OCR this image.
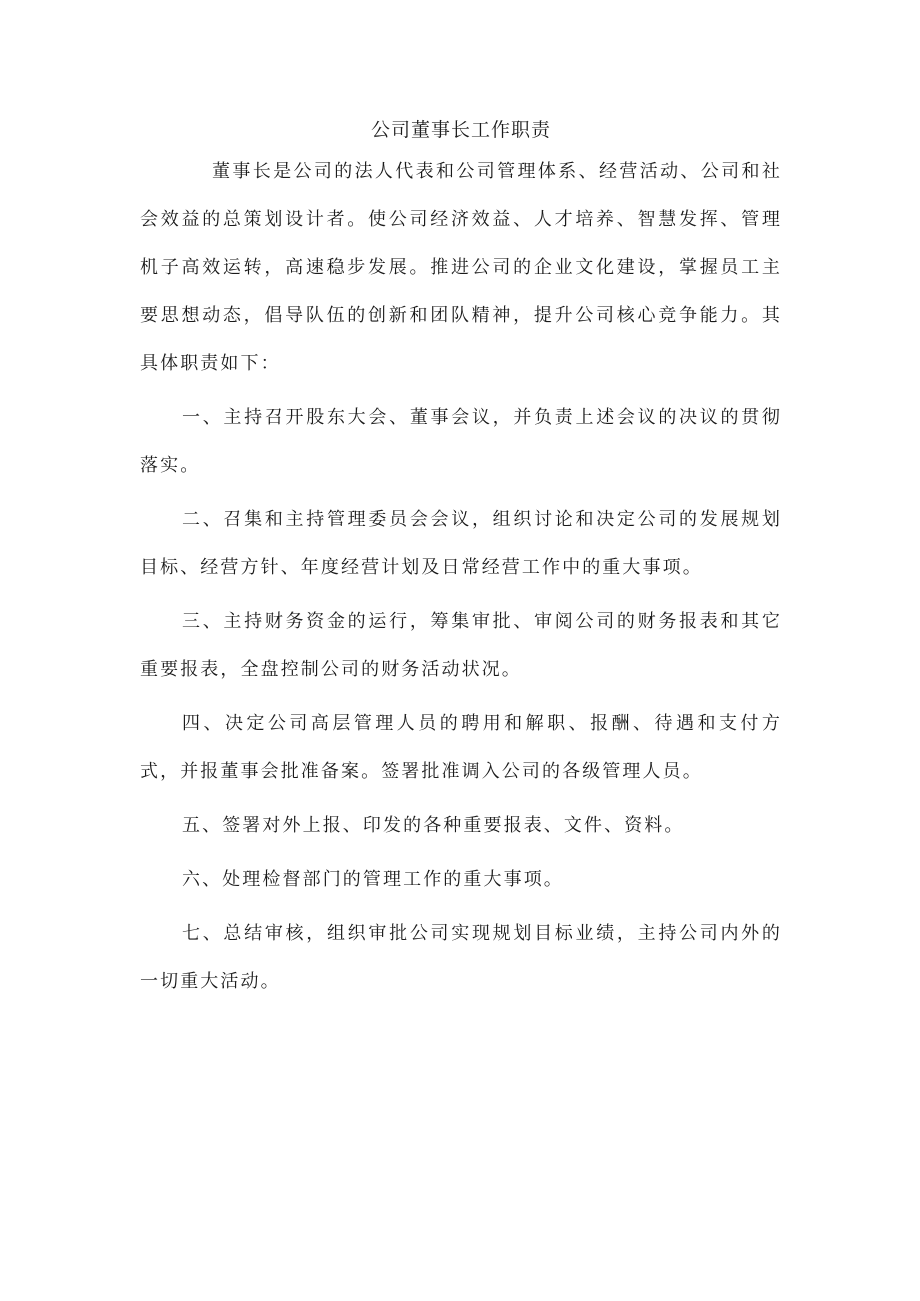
公司董事长工作职责

董事长是公司的法人代表和公司管理体系、经营活动、公司和社会效益的总策划设计者。使公司经济效益、人才培养、智慧发挥、管理机子高效运转，高速稳步发展。推进公司的企业文化建设，掌握员工主要思想动态，倡导队伍的创新和团队精神，提升公司核心竞争能力。其具体职责如下：

一、主持召开股东大会、董事会议，并负责上述会议的决议的贯彻落实。

二、召集和主持管理委员会会议，组织讨论和决定公司的发展规划目标、经营方针、年度经营计划及日常经营工作中的重大事项。

三、主持财务资金的运行，筹集审批、审阅公司的财务报表和其它重要报表，全盘控制公司的财务活动状况。

四、决定公司高层管理人员的聘用和解职、报酬、待遇和支付方式，并报董事会批准备案。签署批准调入公司的各级管理人员。

五、签署对外上报、印发的各种重要报表、文件、资料。

六、处理检督部门的管理工作的重大事项。

七、总结审核，组织审批公司实现规划目标业绩，主持公司内外的一切重大活动。
